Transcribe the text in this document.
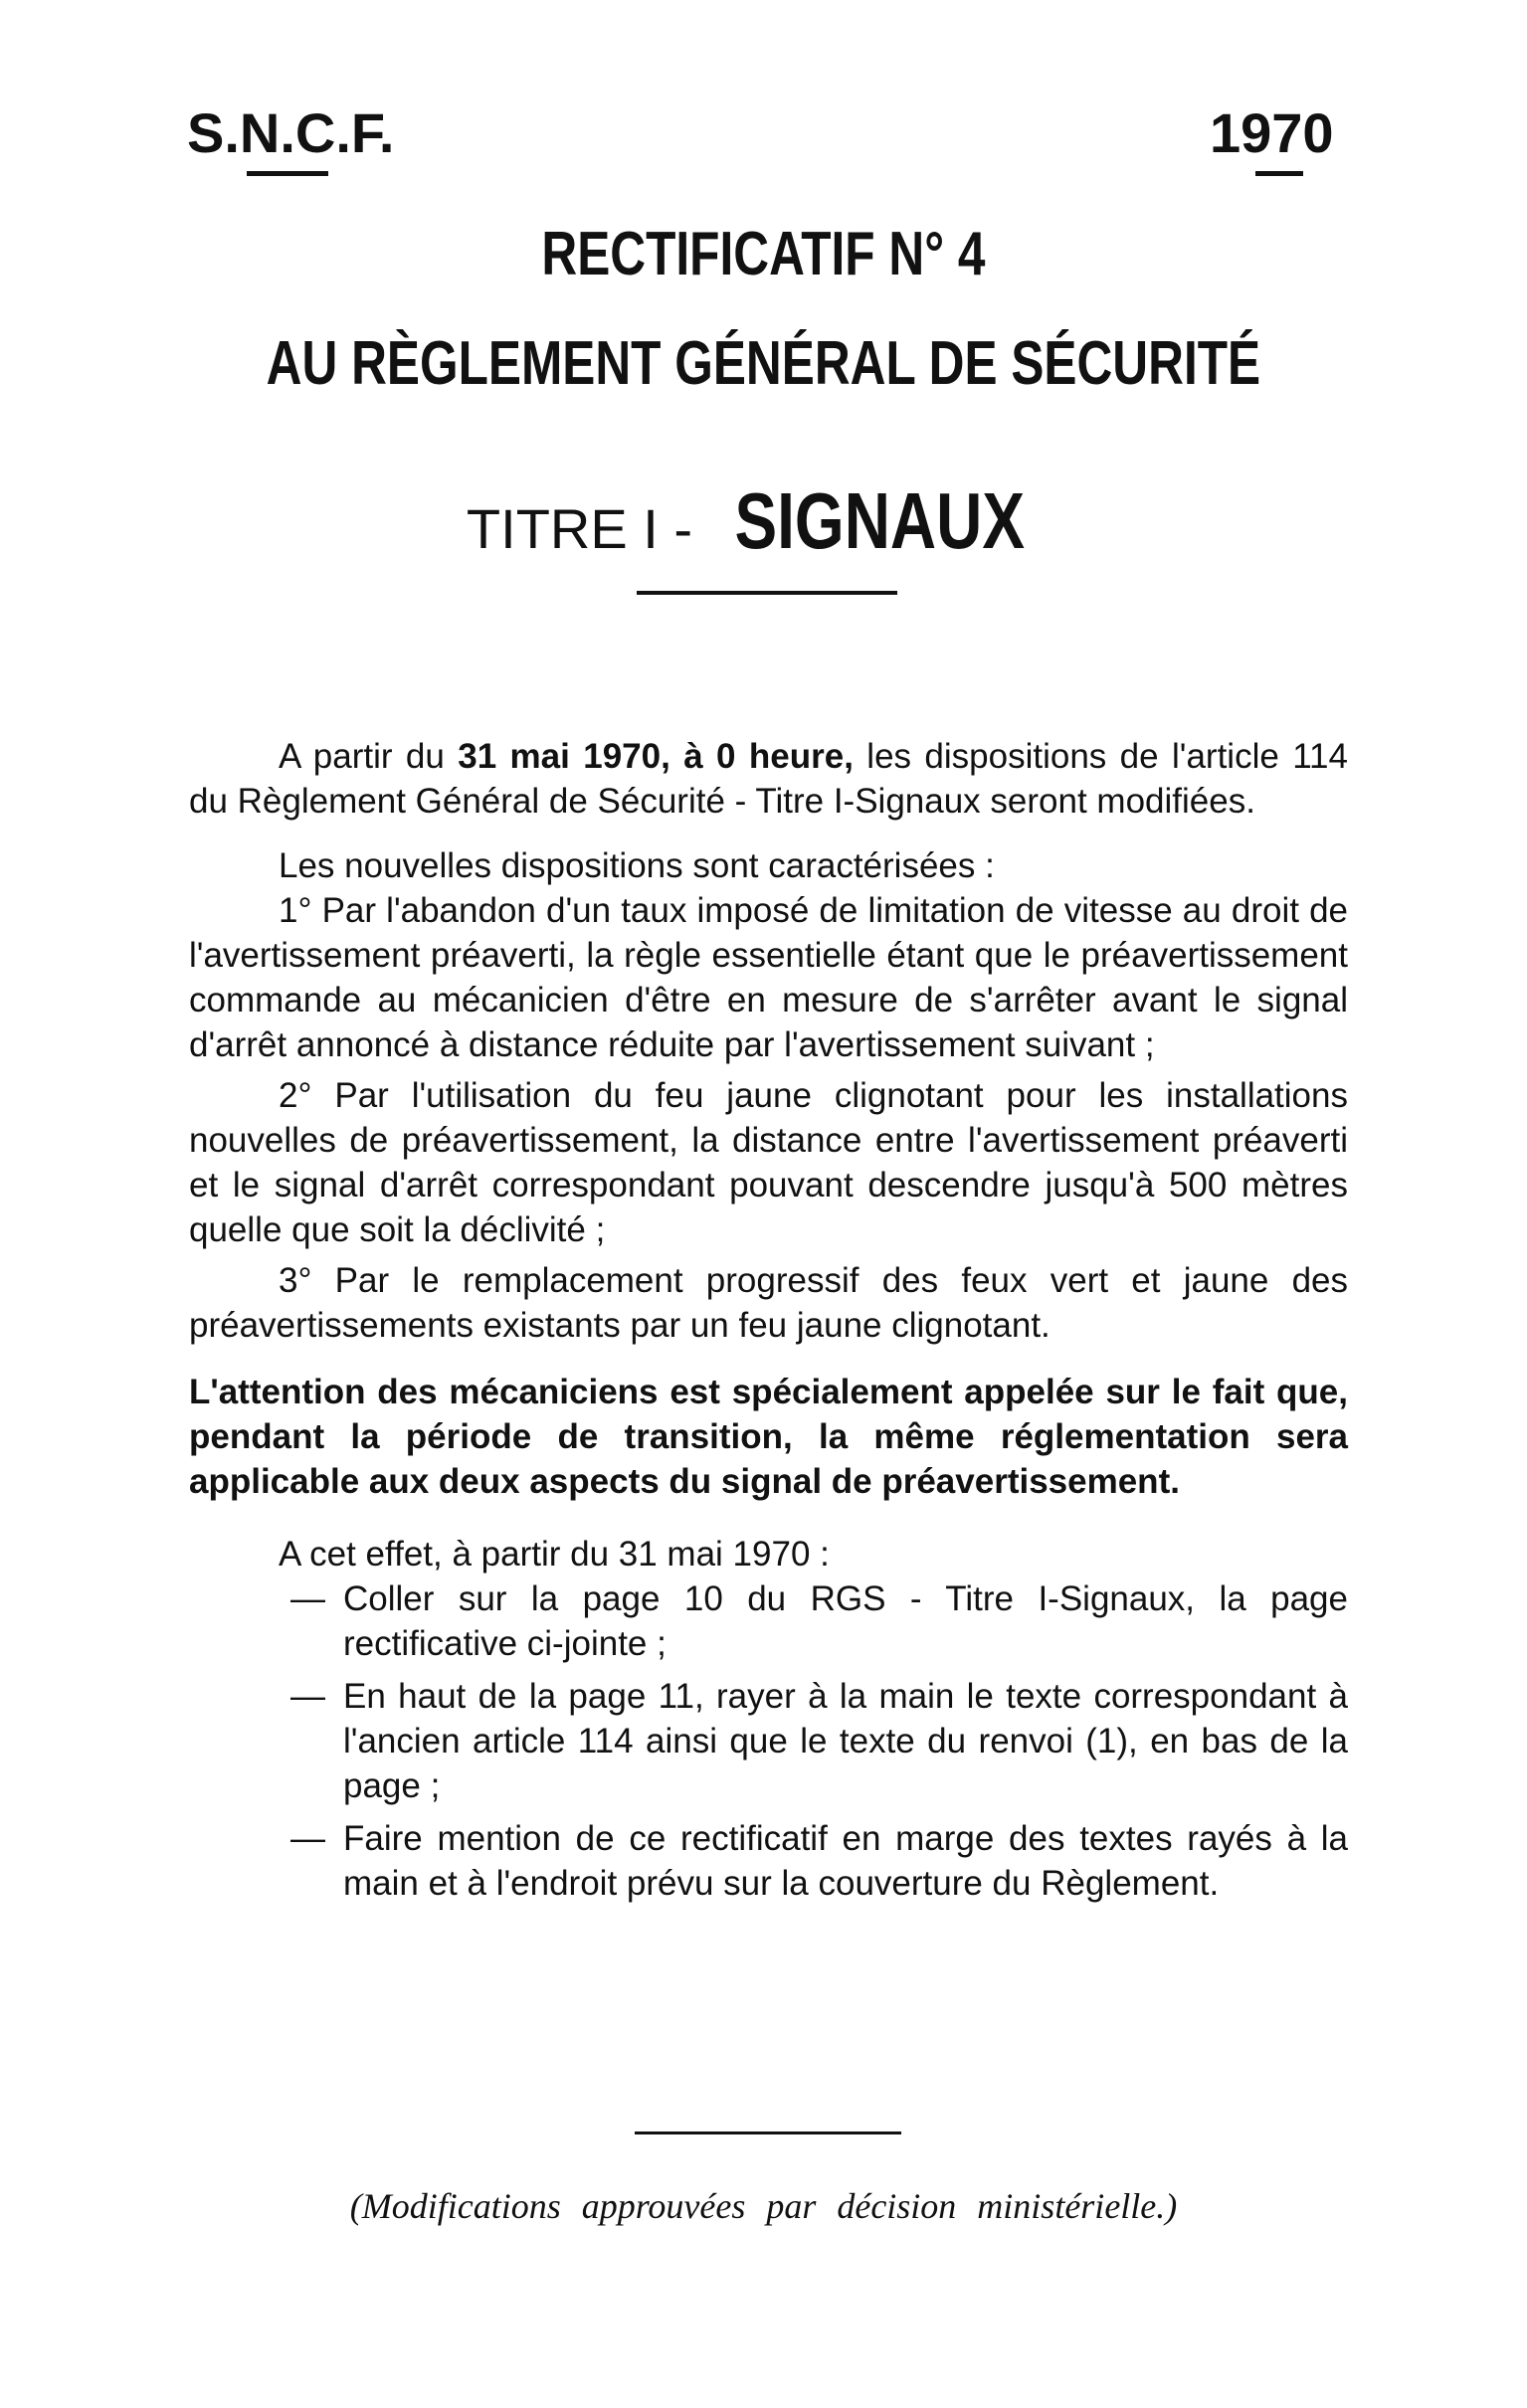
S.N.C.F.	1970
RECTIFICATIF N° 4
AU RÈGLEMENT GÉNÉRAL DE SÉCURITÉ
TITRE I - SIGNAUX

A partir du 31 mai 1970, à 0 heure, les dispositions de l'article 114 du Règlement Général de Sécurité - Titre I-Signaux seront modifiées.

Les nouvelles dispositions sont caractérisées :

1° Par l'abandon d'un taux imposé de limitation de vitesse au droit de l'avertissement préaverti, la règle essentielle étant que le préavertissement commande au mécanicien d'être en mesure de s'arrêter avant le signal d'arrêt annoncé à distance réduite par l'avertissement suivant ;

2° Par l'utilisation du feu jaune clignotant pour les installations nouvelles de préavertissement, la distance entre l'avertissement préaverti et le signal d'arrêt correspondant pouvant descendre jusqu'à 500 mètres quelle que soit la déclivité ;

3° Par le remplacement progressif des feux vert et jaune des préavertissements existants par un feu jaune clignotant.

L'attention des mécaniciens est spécialement appelée sur le fait que, pendant la période de transition, la même réglementation sera applicable aux deux aspects du signal de préavertissement.

A cet effet, à partir du 31 mai 1970 :

— Coller sur la page 10 du RGS - Titre I-Signaux, la page rectificative ci-jointe ;
— En haut de la page 11, rayer à la main le texte correspondant à l'ancien article 114 ainsi que le texte du renvoi (1), en bas de la page ;
— Faire mention de ce rectificatif en marge des textes rayés à la main et à l'endroit prévu sur la couverture du Règlement.
(Modifications approuvées par décision ministérielle.)
